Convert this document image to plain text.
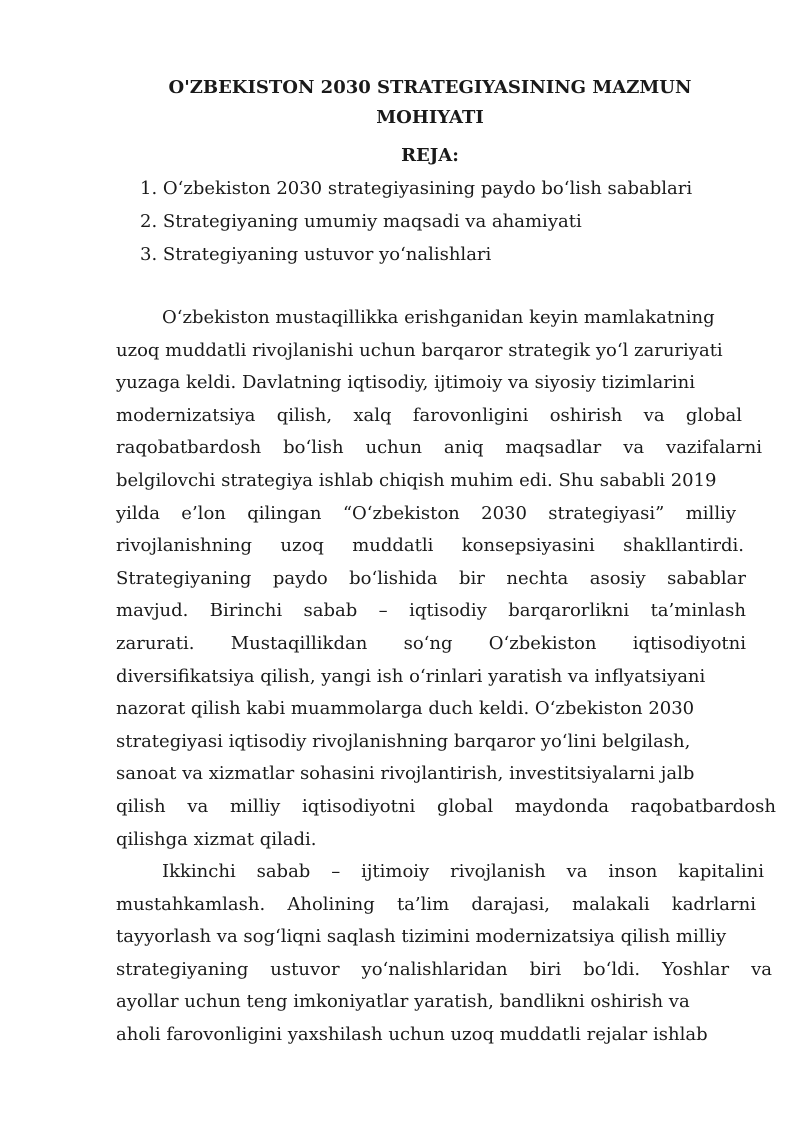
O'ZBEKISTON 2030 STRATEGIYASINING MAZMUN
MOHIYATI
REJA:
1. O‘zbekiston 2030 strategiyasining paydo bo‘lish sabablari
2. Strategiyaning umumiy maqsadi va ahamiyati
3. Strategiyaning ustuvor yo‘nalishlari
O‘zbekiston mustaqillikka erishganidan keyin mamlakatning
uzoq muddatli rivojlanishi uchun barqaror strategik yo‘l zaruriyati
yuzaga keldi. Davlatning iqtisodiy, ijtimoiy va siyosiy tizimlarini
modernizatsiya qilish, xalq farovonligini oshirish va global
raqobatbardosh bo‘lish uchun aniq maqsadlar va vazifalarni
belgilovchi strategiya ishlab chiqish muhim edi. Shu sababli 2019
yilda e’lon qilingan “O‘zbekiston 2030 strategiyasi” milliy
rivojlanishning uzoq muddatli konsepsiyasini shakllantirdi.
Strategiyaning paydo bo‘lishida bir nechta asosiy sabablar
mavjud. Birinchi sabab – iqtisodiy barqarorlikni ta’minlash
zarurati. Mustaqillikdan so‘ng O‘zbekiston iqtisodiyotni
diversifikatsiya qilish, yangi ish o‘rinlari yaratish va inflyatsiyani
nazorat qilish kabi muammolarga duch keldi. O‘zbekiston 2030
strategiyasi iqtisodiy rivojlanishning barqaror yo‘lini belgilash,
sanoat va xizmatlar sohasini rivojlantirish, investitsiyalarni jalb
qilish va milliy iqtisodiyotni global maydonda raqobatbardosh
qilishga xizmat qiladi.
Ikkinchi sabab – ijtimoiy rivojlanish va inson kapitalini
mustahkamlash. Aholining ta’lim darajasi, malakali kadrlarni
tayyorlash va sog‘liqni saqlash tizimini modernizatsiya qilish milliy
strategiyaning ustuvor yo‘nalishlaridan biri bo‘ldi. Yoshlar va
ayollar uchun teng imkoniyatlar yaratish, bandlikni oshirish va
aholi farovonligini yaxshilash uchun uzoq muddatli rejalar ishlab
